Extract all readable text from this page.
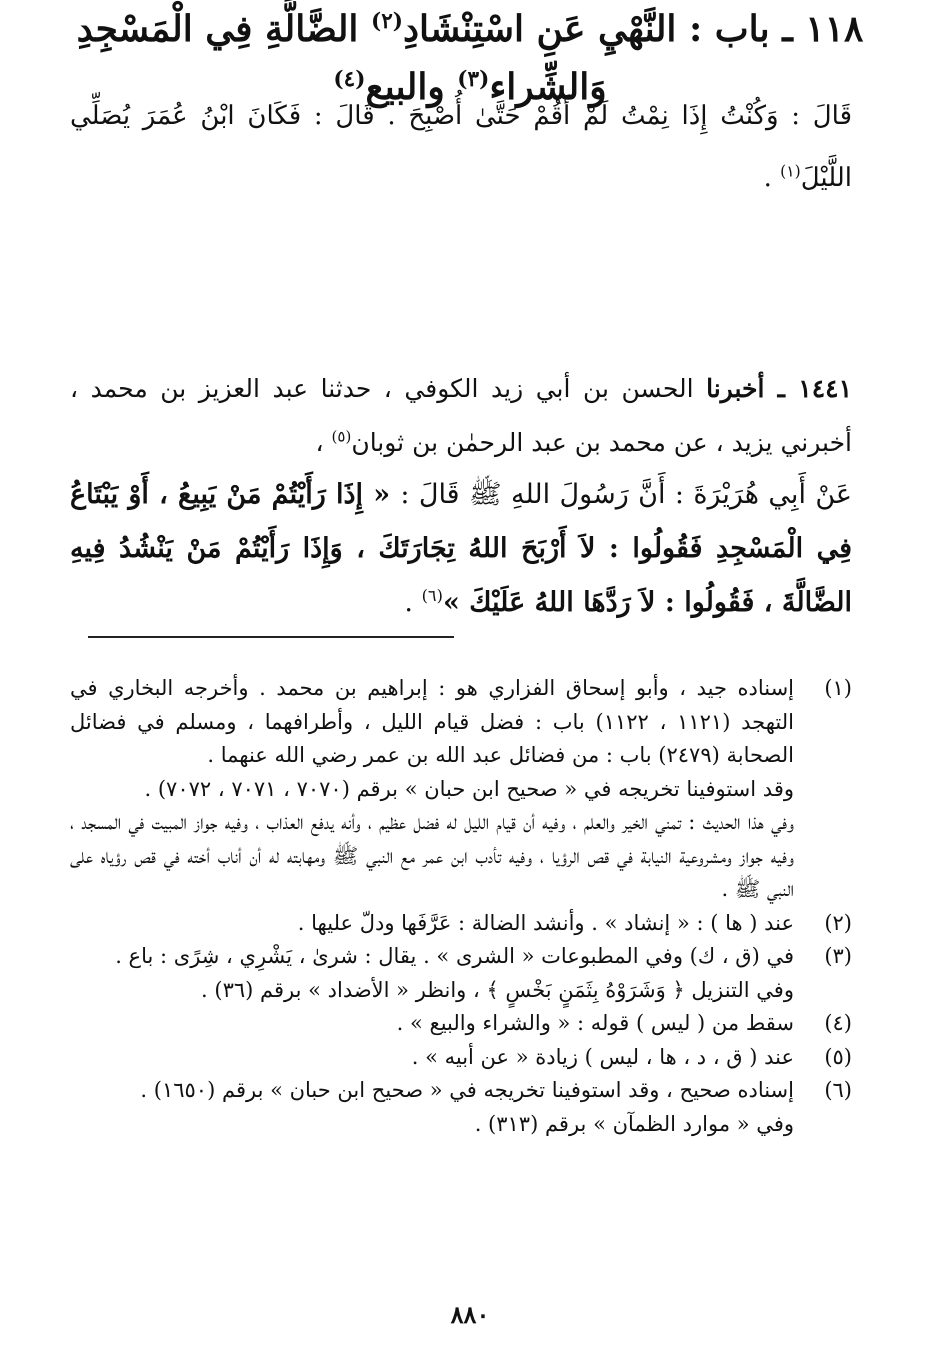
قَالَ : وَكُنْتُ إِذَا نِمْتُ لَمْ أَقُمْ حَتَّىٰ أُصْبِحَ . قَالَ : فَكَانَ ابْنُ عُمَرَ يُصَلِّي اللَّيْلَ$^{(١)}$ .
١١٨ ـ باب : النَّهْيِ عَنِ اسْتِنْشَادِ$^{(٢)}$ الضَّالَّةِ فِي الْمَسْجِدِ وَالشِّراء$^{(٣)}$ والبيع$^{(٤)}$
١٤٤١ ـ أخبرنا الحسن بن أبي زيد الكوفي ، حدثنا عبد العزيز بن محمد ، أخبرني يزيد ، عن محمد بن عبد الرحمٰن بن ثوبان$^{(٥)}$ ،
عَنْ أَبِي هُرَيْرَةَ : أَنَّ رَسُولَ اللهِ ﷺ قَالَ : « إِذَا رَأَيْتُمْ مَنْ يَبِيعُ ، أَوْ يَبْتَاعُ فِي الْمَسْجِدِ فَقُولُوا : لاَ أَرْبَحَ اللهُ تِجَارَتَكَ ، وَإِذَا رَأَيْتُمْ مَنْ يَنْشُدُ فِيهِ الضَّالَّةَ ، فَقُولُوا : لاَ رَدَّهَا اللهُ عَلَيْكَ »$^{(٦)}$ .
(١)
إسناده جيد ، وأبو إسحاق الفزاري هو : إبراهيم بن محمد . وأخرجه البخاري في التهجد (١١٢١ ، ١١٢٢) باب : فضل قيام الليل ، وأطرافهما ، ومسلم في فضائل الصحابة (٢٤٧٩) باب : من فضائل عبد الله بن عمر رضي الله عنهما .
وقد استوفينا تخريجه في « صحيح ابن حبان » برقم (٧٠٧٠ ، ٧٠٧١ ، ٧٠٧٢) .
وفي هذا الحديث : تمني الخير والعلم ، وفيه أن قيام الليل له فضل عظيم ، وأنه يدفع العذاب ، وفيه جواز المبيت في المسجد ، وفيه جواز ومشروعية النيابة في قص الرؤيا ، وفيه تأدب ابن عمر مع النبي ﷺ ومهابته له أن أناب أخته في قص رؤياه على النبي ﷺ .
(٢)
عند ( ها ) : « إنشاد » . وأنشد الضالة : عَرَّفَها ودلّ عليها .
(٣)
في (ق ، ك) وفي المطبوعات « الشرى » . يقال : شرىٰ ، يَشْرِي ، شِرًى : باع .
وفي التنزيل ﴿ وَشَرَوْهُ بِثَمَنٍ بَخْسٍ ﴾ ، وانظر « الأضداد » برقم (٣٦) .
(٤)
سقط من ( ليس ) قوله : « والشراء والبيع » .
(٥)
عند ( ق ، د ، ها ، ليس ) زيادة « عن أبيه » .
(٦)
إسناده صحيح ، وقد استوفينا تخريجه في « صحيح ابن حبان » برقم (١٦٥٠) .
وفي « موارد الظمآن » برقم (٣١٣) .
٨٨٠
